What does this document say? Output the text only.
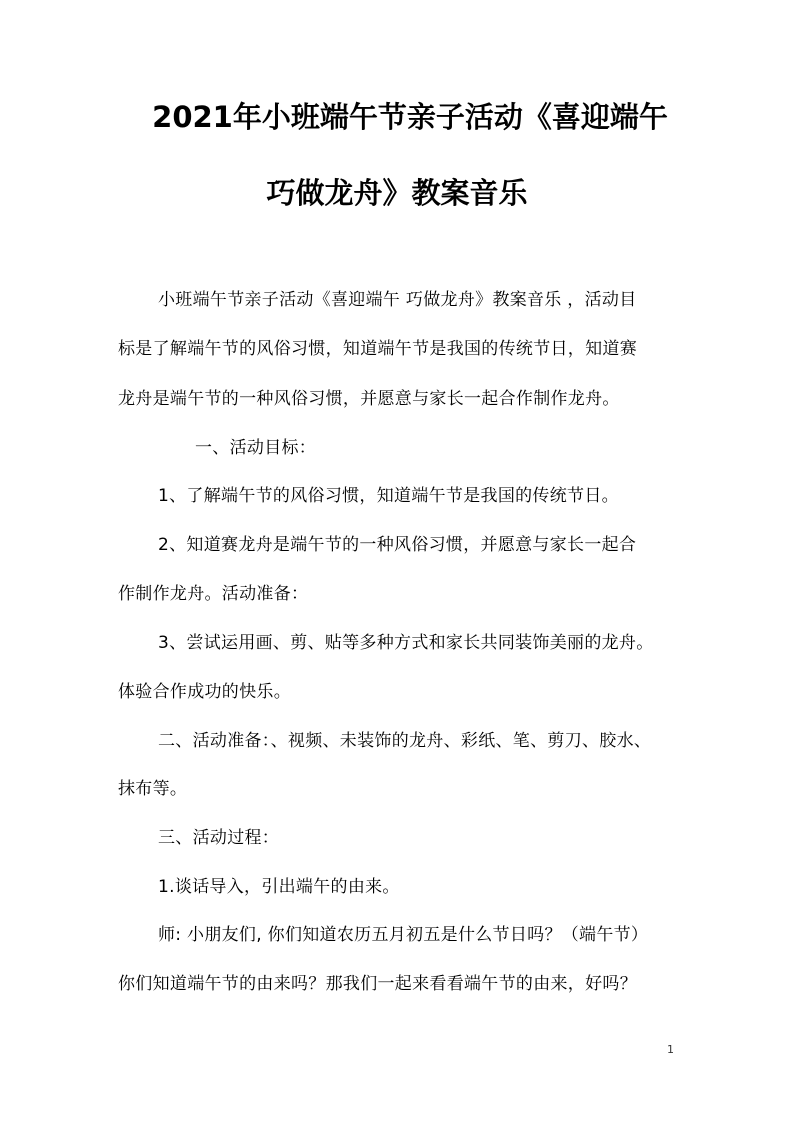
2021年小班端午节亲子活动《喜迎端午
巧做龙舟》教案音乐
小班端午节亲子活动《喜迎端午 巧做龙舟》教案音乐 ，活动目
标是了解端午节的风俗习惯，知道端午节是我国的传统节日，知道赛
龙舟是端午节的一种风俗习惯，并愿意与家长一起合作制作龙舟。
一、活动目标：
1、了解端午节的风俗习惯，知道端午节是我国的传统节日。
2、知道赛龙舟是端午节的一种风俗习惯，并愿意与家长一起合
作制作龙舟。活动准备：
3、尝试运用画、剪、贴等多种方式和家长共同装饰美丽的龙舟。
体验合作成功的快乐。
二、活动准备：、视频、未装饰的龙舟、彩纸、笔、剪刀、胶水、
抹布等。
三、活动过程：
1.谈话导入，引出端午的由来。
师: 小朋友们, 你们知道农历五月初五是什么节日吗？（端午节）
你们知道端午节的由来吗？那我们一起来看看端午节的由来，好吗？
1
